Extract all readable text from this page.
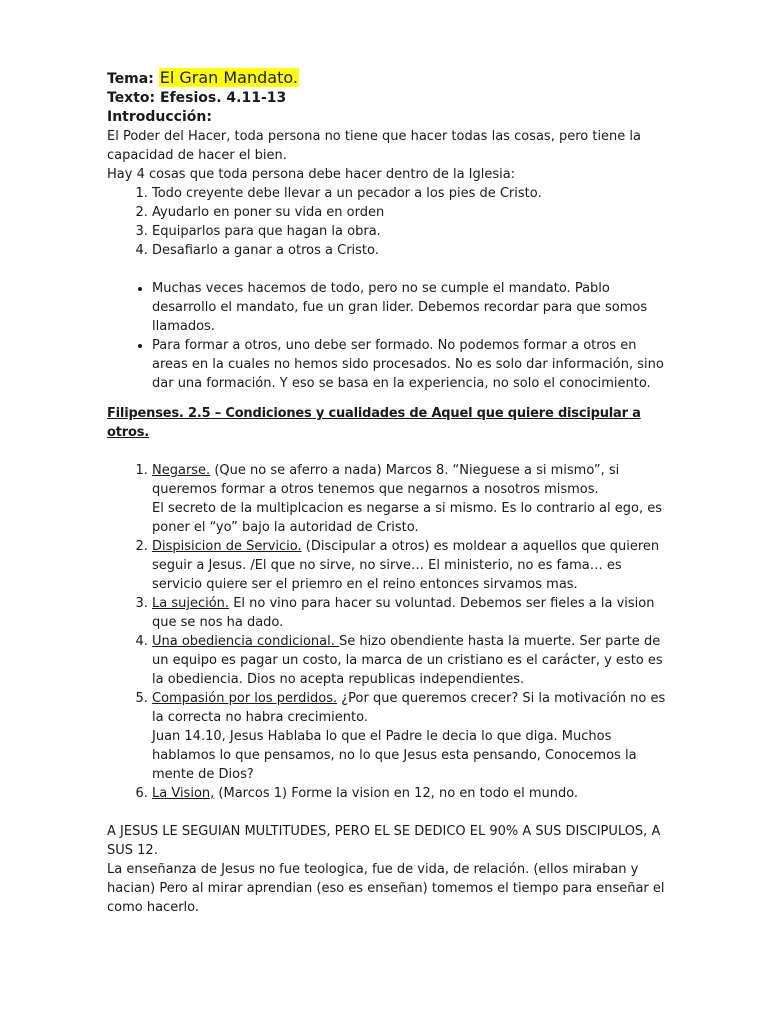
Tema: El Gran Mandato.
Texto: Efesios. 4.11-13
Introducción:

El Poder del Hacer, toda persona no tiene que hacer todas las cosas, pero tiene la capacidad de hacer el bien.

Hay 4 cosas que toda persona debe hacer dentro de la Iglesia:

1. Todo creyente debe llevar a un pecador a los pies de Cristo.
2. Ayudarlo en poner su vida en orden
3. Equiparlos para que hagan la obra.
4. Desafiarlo a ganar a otros a Cristo.
• Muchas veces hacemos de todo, pero no se cumple el mandato. Pablo desarrollo el mandato, fue un gran lider. Debemos recordar para que somos llamados.
• Para formar a otros, uno debe ser formado. No podemos formar a otros en areas en la cuales no hemos sido procesados. No es solo dar información, sino dar una formación. Y eso se basa en la experiencia, no solo el conocimiento.
Filipenses. 2.5 – Condiciones y cualidades de Aquel que quiere discipular a otros.
1. Negarse. (Que no se aferro a nada) Marcos 8. “Nieguese a si mismo”, si queremos formar a otros tenemos que negarnos a nosotros mismos.
El secreto de la multiplcacion es negarse a si mismo. Es lo contrario al ego, es poner el “yo” bajo la autoridad de Cristo.
2. Dispisicion de Servicio. (Discipular a otros) es moldear a aquellos que quieren seguir a Jesus. /El que no sirve, no sirve… El ministerio, no es fama… es servicio quiere ser el priemro en el reino entonces sirvamos mas.
3. La sujeción. El no vino para hacer su voluntad. Debemos ser fieles a la vision que se nos ha dado.
4. Una obediencia condicional. Se hizo obendiente hasta la muerte. Ser parte de un equipo es pagar un costo, la marca de un cristiano es el carácter, y esto es la obediencia. Dios no acepta republicas independientes.
5. Compasión por los perdidos. ¿Por que queremos crecer? Si la motivación no es la correcta no habra crecimiento.
Juan 14.10, Jesus Hablaba lo que el Padre le decia lo que diga. Muchos hablamos lo que pensamos, no lo que Jesus esta pensando, Conocemos la mente de Dios?
6. La Vision, (Marcos 1) Forme la vision en 12, no en todo el mundo.

A JESUS LE SEGUIAN MULTITUDES, PERO EL SE DEDICO EL 90% A SUS DISCIPULOS, A SUS 12.

La enseñanza de Jesus no fue teologica, fue de vida, de relación. (ellos miraban y hacian) Pero al mirar aprendian (eso es enseñan) tomemos el tiempo para enseñar el como hacerlo.
